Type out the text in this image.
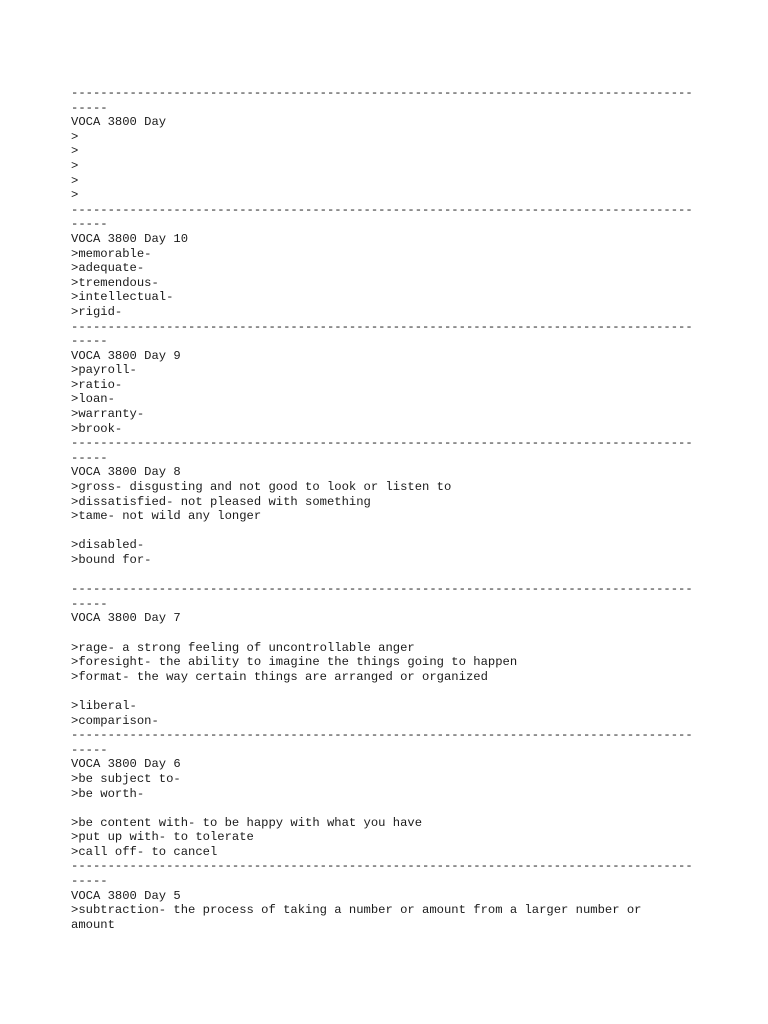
-------------------------------------------------------------------------------------
-----
VOCA 3800 Day
>
>
>
>
>
-------------------------------------------------------------------------------------
-----
VOCA 3800 Day 10
>memorable-
>adequate-
>tremendous-
>intellectual-
>rigid-
-------------------------------------------------------------------------------------
-----
VOCA 3800 Day 9
>payroll-
>ratio-
>loan-
>warranty-
>brook-
-------------------------------------------------------------------------------------
-----
VOCA 3800 Day 8
>gross- disgusting and not good to look or listen to
>dissatisfied- not pleased with something
>tame- not wild any longer
>disabled-
>bound for-
-------------------------------------------------------------------------------------
-----
VOCA 3800 Day 7
>rage- a strong feeling of uncontrollable anger
>foresight- the ability to imagine the things going to happen
>format- the way certain things are arranged or organized
>liberal-
>comparison-
-------------------------------------------------------------------------------------
-----
VOCA 3800 Day 6
>be subject to-
>be worth-
>be content with- to be happy with what you have
>put up with- to tolerate
>call off- to cancel
-------------------------------------------------------------------------------------
-----
VOCA 3800 Day 5
>subtraction- the process of taking a number or amount from a larger number or
amount
